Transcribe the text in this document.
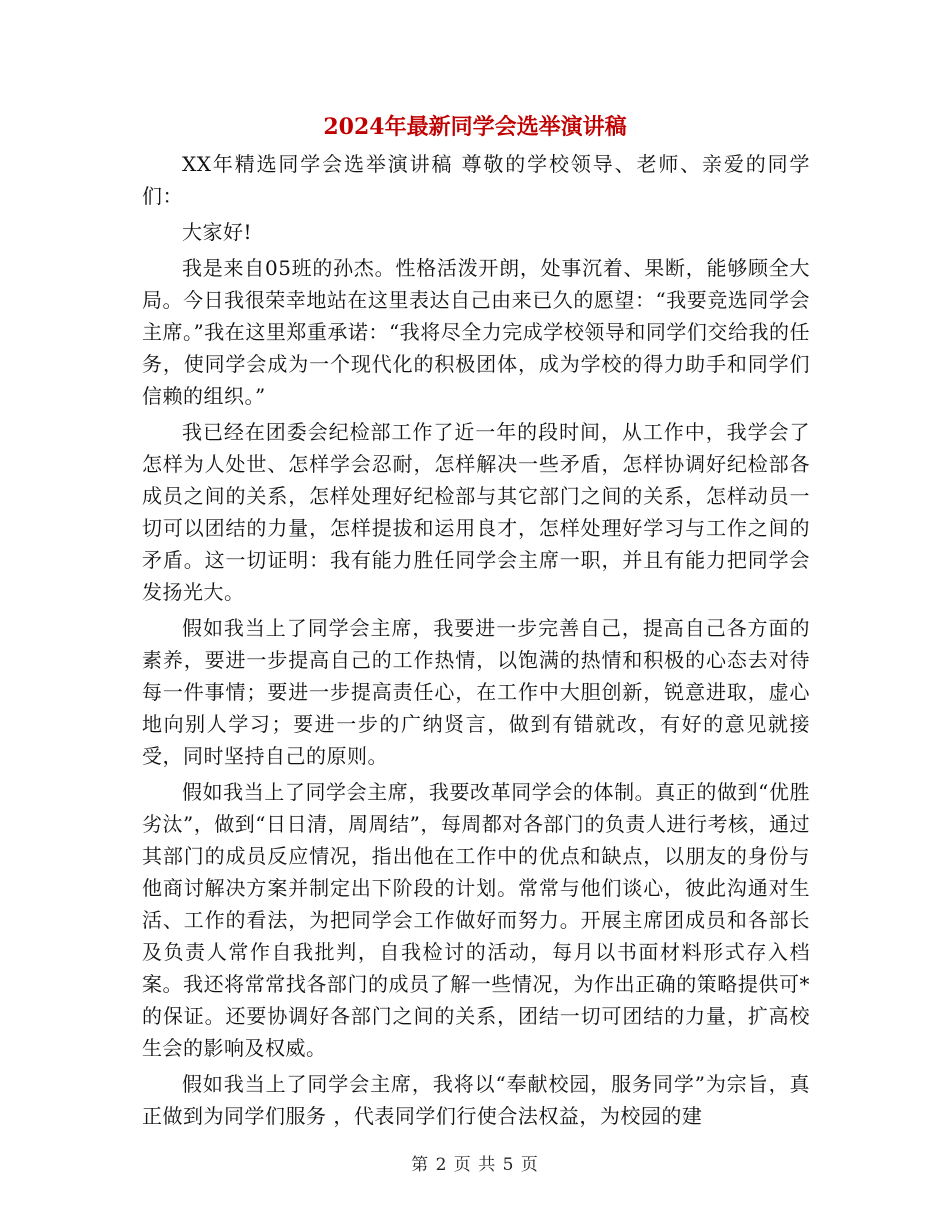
2024年最新同学会选举演讲稿

XX年精选同学会选举演讲稿 尊敬的学校领导、老师、亲爱的同学们：

大家好!

我是来自05班的孙杰。性格活泼开朗，处事沉着、果断，能够顾全大局。今日我很荣幸地站在这里表达自己由来已久的愿望：“我要竞选同学会主席。”我在这里郑重承诺：“我将尽全力完成学校领导和同学们交给我的任务，使同学会成为一个现代化的积极团体，成为学校的得力助手和同学们信赖的组织。”

我已经在团委会纪检部工作了近一年的段时间，从工作中，我学会了怎样为人处世、怎样学会忍耐，怎样解决一些矛盾，怎样协调好纪检部各成员之间的关系，怎样处理好纪检部与其它部门之间的关系，怎样动员一切可以团结的力量，怎样提拔和运用良才，怎样处理好学习与工作之间的矛盾。这一切证明：我有能力胜任同学会主席一职，并且有能力把同学会发扬光大。

假如我当上了同学会主席，我要进一步完善自己，提高自己各方面的素养，要进一步提高自己的工作热情，以饱满的热情和积极的心态去对待每一件事情；要进一步提高责任心，在工作中大胆创新，锐意进取，虚心地向别人学习；要进一步的广纳贤言，做到有错就改，有好的意见就接受，同时坚持自己的原则。

假如我当上了同学会主席，我要改革同学会的体制。真正的做到“优胜劣汰”，做到“日日清，周周结”，每周都对各部门的负责人进行考核，通过其部门的成员反应情况，指出他在工作中的优点和缺点，以朋友的身份与他商讨解决方案并制定出下阶段的计划。常常与他们谈心，彼此沟通对生活、工作的看法，为把同学会工作做好而努力。开展主席团成员和各部长及负责人常作自我批判，自我检讨的活动，每月以书面材料形式存入档案。我还将常常找各部门的成员了解一些情况，为作出正确的策略提供可*的保证。还要协调好各部门之间的关系，团结一切可团结的力量，扩高校生会的影响及权威。

假如我当上了同学会主席，我将以“奉献校园，服务同学”为宗旨，真正做到为同学们服务 ，代表同学们行使合法权益，为校园的建

第 2 页 共 5 页
